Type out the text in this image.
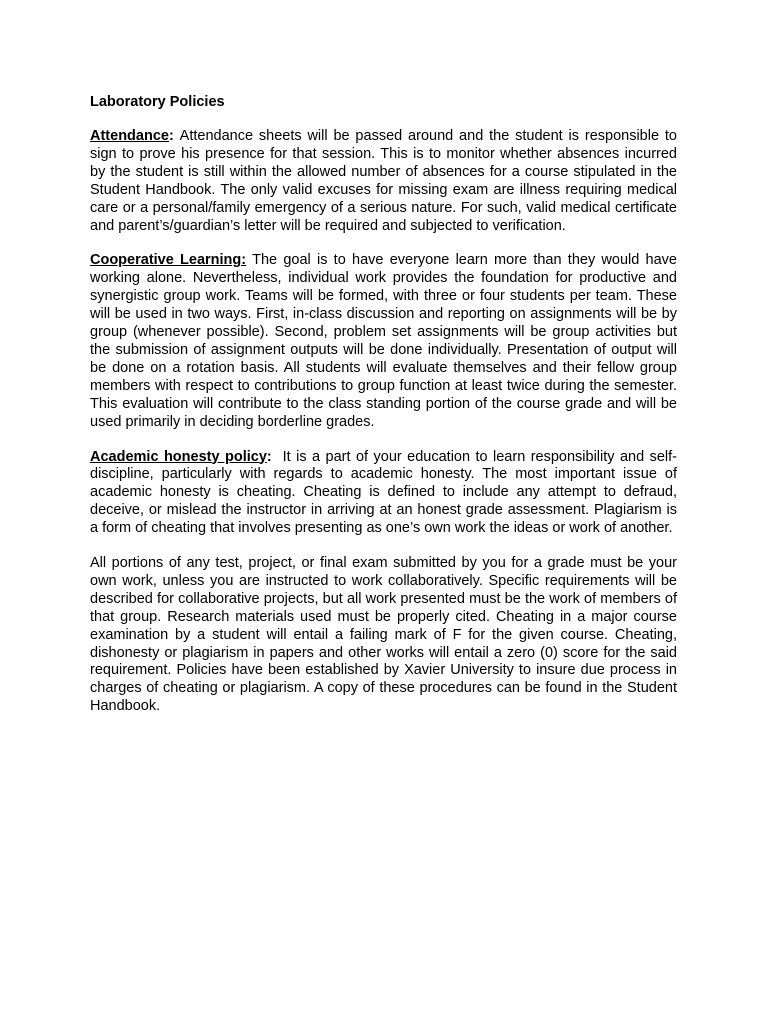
Laboratory Policies

Attendance: Attendance sheets will be passed around and the student is responsible to sign to prove his presence for that session. This is to monitor whether absences incurred by the student is still within the allowed number of absences for a course stipulated in the Student Handbook. The only valid excuses for missing exam are illness requiring medical care or a personal/family emergency of a serious nature. For such, valid medical certificate and parent’s/guardian’s letter will be required and subjected to verification.

Cooperative Learning: The goal is to have everyone learn more than they would have working alone. Nevertheless, individual work provides the foundation for productive and synergistic group work. Teams will be formed, with three or four students per team. These will be used in two ways. First, in-class discussion and reporting on assignments will be by group (whenever possible). Second, problem set assignments will be group activities but the submission of assignment outputs will be done individually. Presentation of output will be done on a rotation basis. All students will evaluate themselves and their fellow group members with respect to contributions to group function at least twice during the semester. This evaluation will contribute to the class standing portion of the course grade and will be used primarily in deciding borderline grades.

Academic honesty policy:  It is a part of your education to learn responsibility and self-discipline, particularly with regards to academic honesty. The most important issue of academic honesty is cheating. Cheating is defined to include any attempt to defraud, deceive, or mislead the instructor in arriving at an honest grade assessment. Plagiarism is a form of cheating that involves presenting as one’s own work the ideas or work of another.

All portions of any test, project, or final exam submitted by you for a grade must be your own work, unless you are instructed to work collaboratively. Specific requirements will be described for collaborative projects, but all work presented must be the work of members of that group. Research materials used must be properly cited. Cheating in a major course examination by a student will entail a failing mark of F for the given course. Cheating, dishonesty or plagiarism in papers and other works will entail a zero (0) score for the said requirement. Policies have been established by Xavier University to insure due process in charges of cheating or plagiarism. A copy of these procedures can be found in the Student Handbook.
